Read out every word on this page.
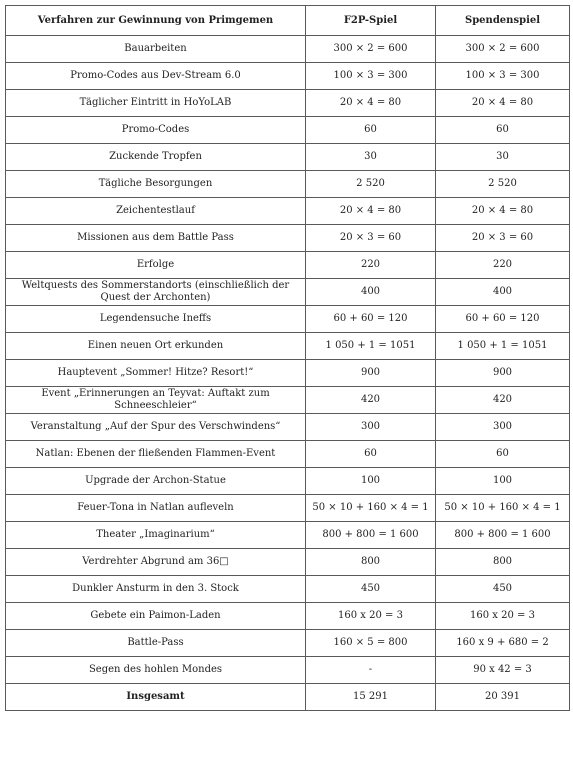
Verfahren zur Gewinnung von Primgemen	F2P-Spiel	Spendenspiel
Bauarbeiten	300 × 2 = 600	300 × 2 = 600
Promo-Codes aus Dev-Stream 6.0	100 × 3 = 300	100 × 3 = 300
Täglicher Eintritt in HoYoLAB	20 × 4 = 80	20 × 4 = 80
Promo-Codes	60	60
Zuckende Tropfen	30	30
Tägliche Besorgungen	2 520	2 520
Zeichentestlauf	20 × 4 = 80	20 × 4 = 80
Missionen aus dem Battle Pass	20 × 3 = 60	20 × 3 = 60
Erfolge	220	220
Weltquests des Sommerstandorts (einschließlich der Quest der Archonten)	400	400
Legendensuche Ineffs	60 + 60 = 120	60 + 60 = 120
Einen neuen Ort erkunden	1 050 + 1 = 1051	1 050 + 1 = 1051
Hauptevent „Sommer! Hitze? Resort!“	900	900
Event „Erinnerungen an Teyvat: Auftakt zum Schneeschleier“	420	420
Veranstaltung „Auf der Spur des Verschwindens“	300	300
Natlan: Ebenen der fließenden Flammen-Event	60	60
Upgrade der Archon-Statue	100	100
Feuer-Tona in Natlan aufleveln	50 × 10 + 160 × 4 = 1	50 × 10 + 160 × 4 = 1
Theater „Imaginarium“	800 + 800 = 1 600	800 + 800 = 1 600
Verdrehter Abgrund am 36□	800	800
Dunkler Ansturm in den 3. Stock	450	450
Gebete ein Paimon-Laden	160 x 20 = 3	160 x 20 = 3
Battle-Pass	160 × 5 = 800	160 x 9 + 680 = 2
Segen des hohlen Mondes	-	90 x 42 = 3
Insgesamt	15 291	20 391
